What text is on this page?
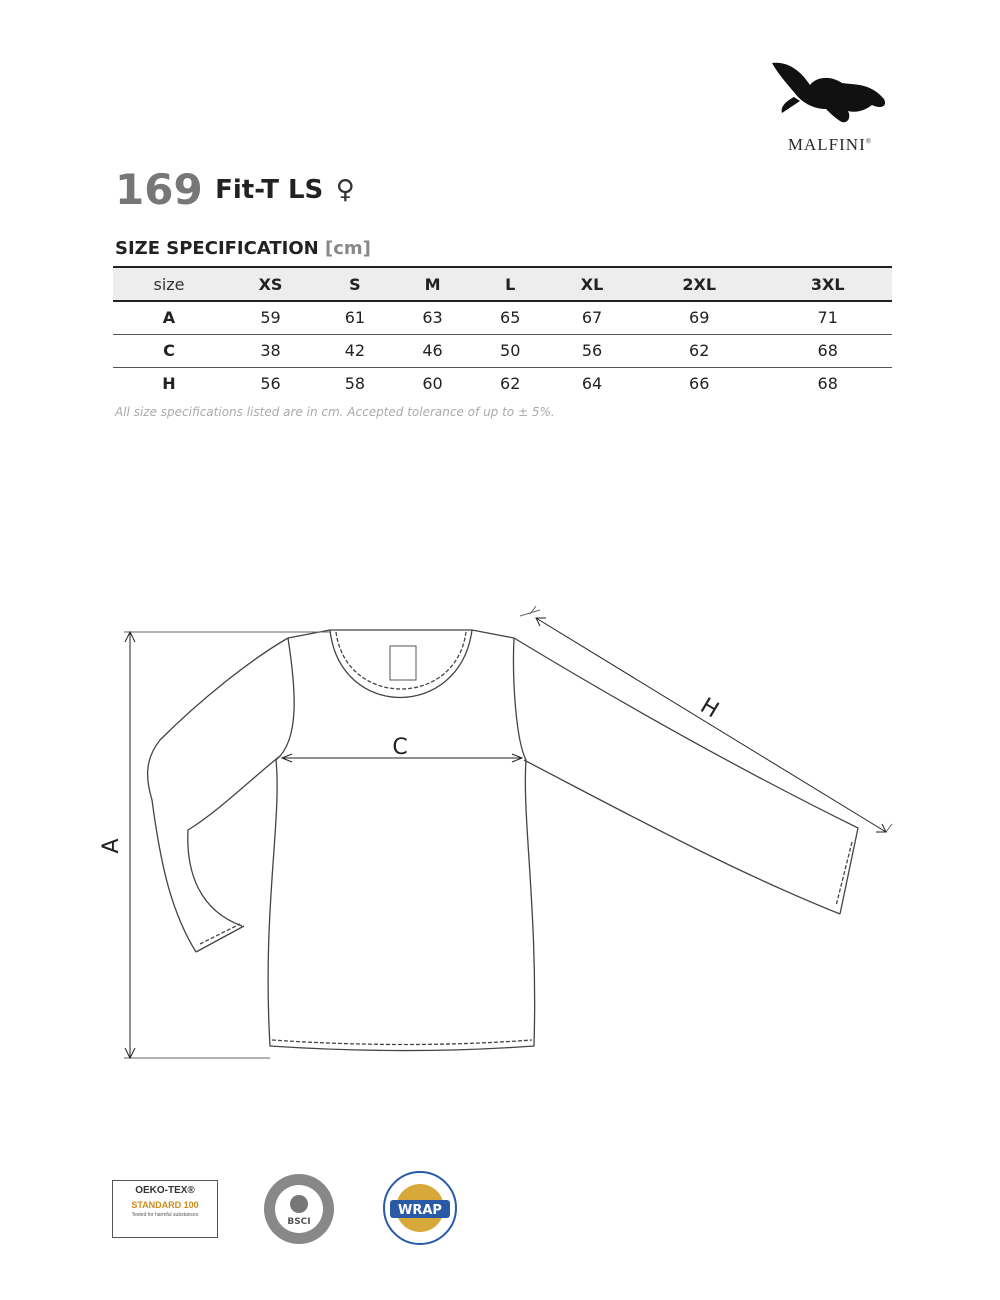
MALFINI®
169 Fit-T LS ♀
SIZE SPECIFICATION [cm]
size	XS	S	M	L	XL	2XL	3XL
A	59	61	63	65	67	69	71
C	38	42	46	50	56	62	68
H	56	58	60	62	64	66	68
All size specifications listed are in cm. Accepted tolerance of up to ± 5%.
A
C
H
OEKO-TEX®
STANDARD 100
Tested for harmful substances
BSCI
WRAP
